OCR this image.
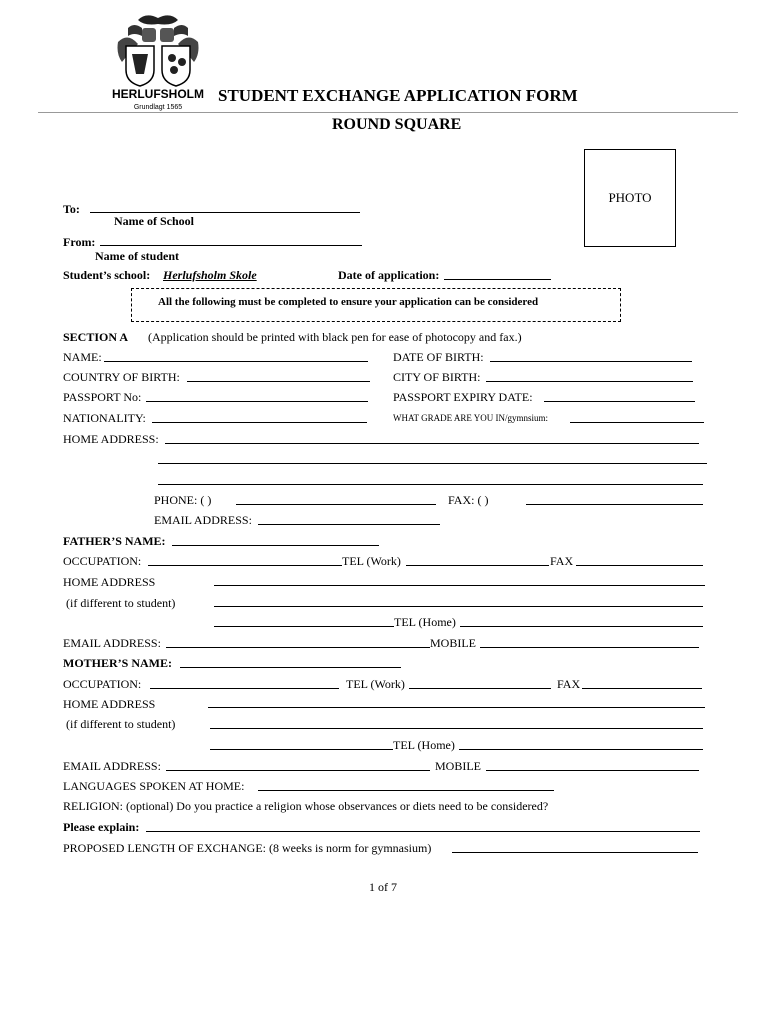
HERLUFSHOLM
Grundlagt 1565
STUDENT EXCHANGE APPLICATION FORM
ROUND SQUARE
PHOTO
To:
Name of School
From:
Name of student
Student’s school: Herlufsholm Skole	Date of application:
All the following must be completed to ensure your application can be considered
SECTION A (Application should be printed with black pen for ease of photocopy and fax.)
NAME:	DATE OF BIRTH:
COUNTRY OF BIRTH:	CITY OF BIRTH:
PASSPORT No:	PASSPORT EXPIRY DATE:
NATIONALITY:	WHAT GRADE ARE YOU IN/gymnsium:
HOME ADDRESS:
PHONE: ( )	FAX: ( )
EMAIL ADDRESS:
FATHER’S NAME:
OCCUPATION:	TEL (Work)	FAX
HOME ADDRESS
(if different to student)
TEL (Home)
EMAIL ADDRESS:	MOBILE
MOTHER’S NAME:
OCCUPATION:	TEL (Work)	FAX
HOME ADDRESS
(if different to student)
TEL (Home)
EMAIL ADDRESS:	MOBILE
LANGUAGES SPOKEN AT HOME:
RELIGION: (optional) Do you practice a religion whose observances or diets need to be considered?
Please explain:
PROPOSED LENGTH OF EXCHANGE: (8 weeks is norm for gymnasium)
1 of 7
